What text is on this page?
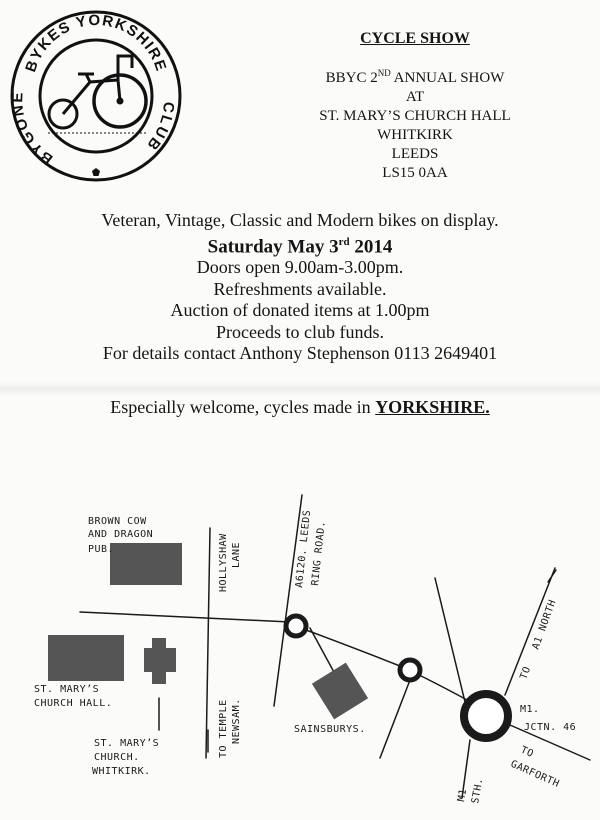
BYKES YORKSHIRE
BYGONE
CLUB
CYCLE SHOW
BBYC 2ND ANNUAL SHOW
AT
ST. MARY’S CHURCH HALL
WHITKIRK
LEEDS
LS15 0AA
Veteran, Vintage, Classic and Modern bikes on display.
Saturday May 3rd 2014
Doors open 9.00am-3.00pm.
Refreshments available.
Auction of donated items at 1.00pm
Proceeds to club funds.
For details contact Anthony Stephenson 0113 2649401
Especially welcome, cycles made in YORKSHIRE.
BROWN COW
AND DRAGON
PUB.	HOLLYSHAW LANE	A6120. LEEDS
RING ROAD.
TO
A1 NORTH
ST. MARY’S
CHURCH HALL.	TO TEMPLE NEWSAM.
ST. MARY’S
CHURCH.
WHITKIRK.
SAINSBURYS.
M1.
JCTN. 46
TO
GARFORTH
M1 STH.
